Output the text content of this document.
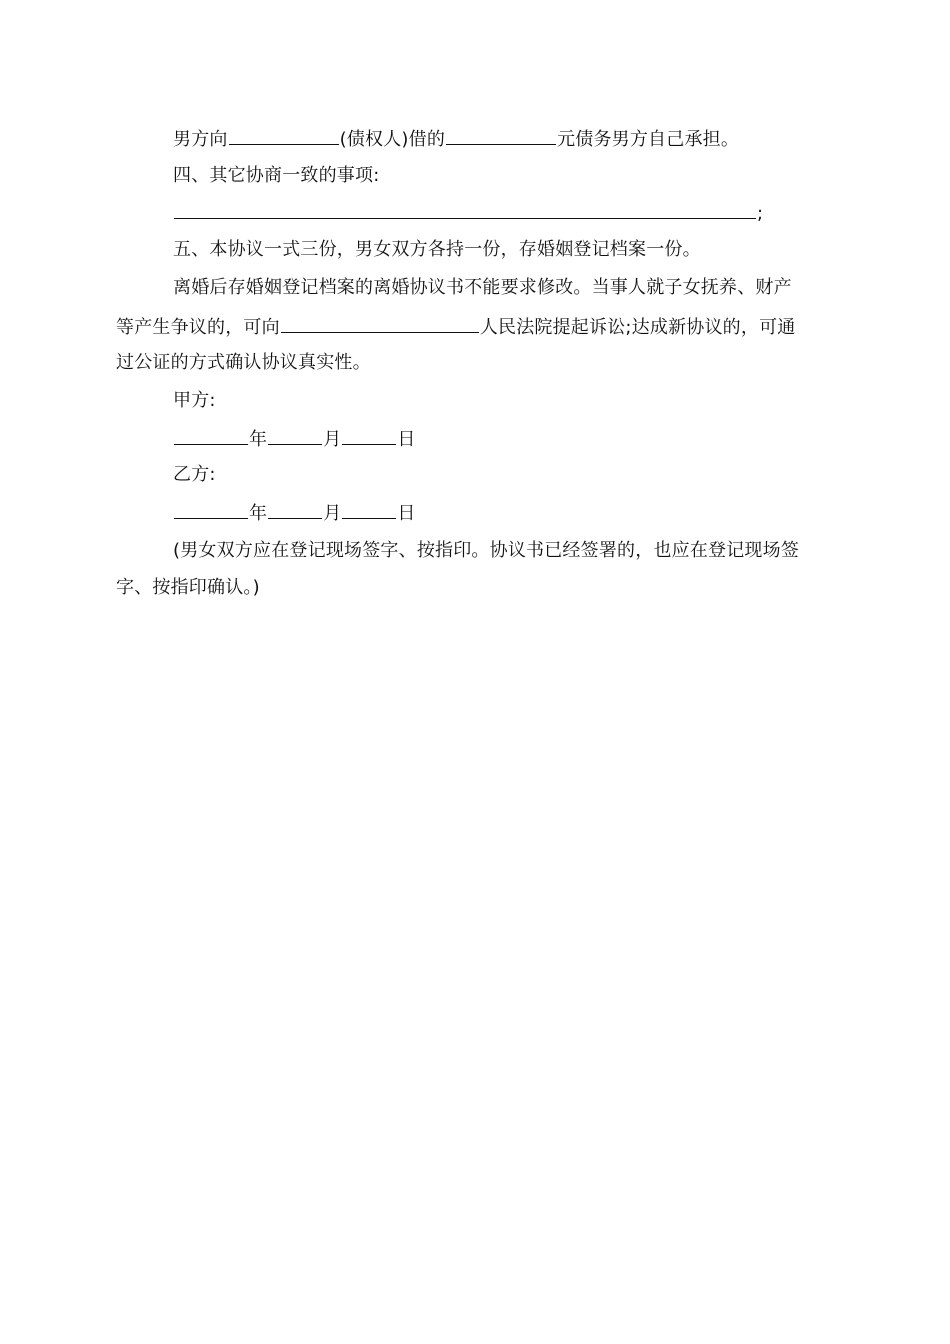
男方向	(债权人)借的	元债务男方自己承担。
四、其它协商一致的事项:
;
五、本协议一式三份，男女双方各持一份，存婚姻登记档案一份。
离婚后存婚姻登记档案的离婚协议书不能要求修改。当事人就子女抚养、财产
等产生争议的，可向	人民法院提起诉讼;达成新协议的，可通
过公证的方式确认协议真实性。
甲方:
年	月	日
乙方:
年	月	日
(男女双方应在登记现场签字、按指印。协议书已经签署的，也应在登记现场签
字、按指印确认。)
